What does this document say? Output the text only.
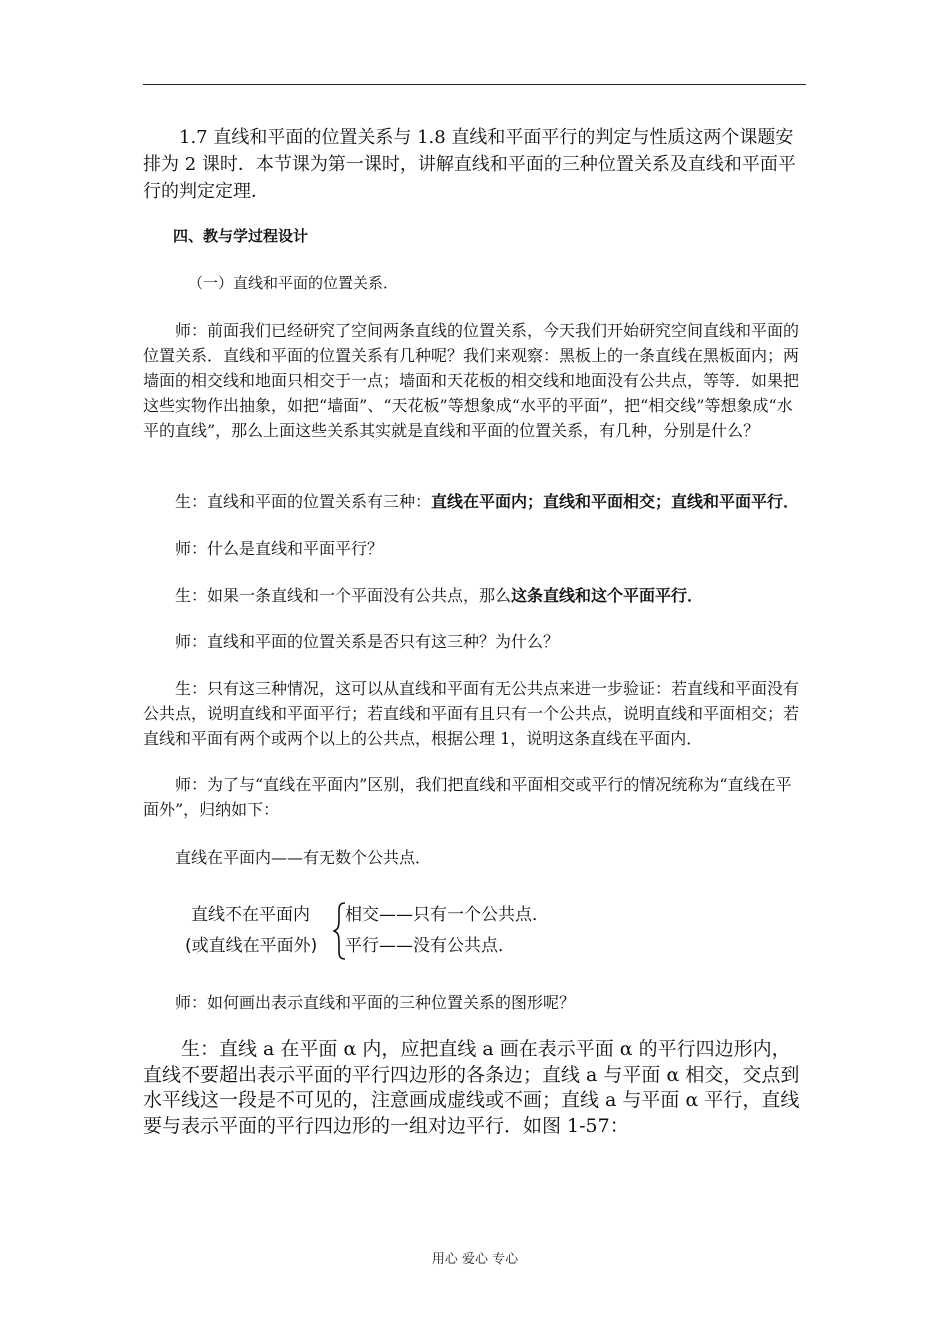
1.7 直线和平面的位置关系与 1.8 直线和平面平行的判定与性质这两个课题安排为 2 课时．本节课为第一课时，讲解直线和平面的三种位置关系及直线和平面平行的判定定理．

四、教与学过程设计

（一）直线和平面的位置关系．

师：前面我们已经研究了空间两条直线的位置关系，今天我们开始研究空间直线和平面的位置关系．直线和平面的位置关系有几种呢？我们来观察：黑板上的一条直线在黑板面内；两墙面的相交线和地面只相交于一点；墙面和天花板的相交线和地面没有公共点，等等．如果把这些实物作出抽象，如把“墙面”、“天花板”等想象成“水平的平面”，把“相交线”等想象成“水平的直线”，那么上面这些关系其实就是直线和平面的位置关系，有几种，分别是什么？

生：直线和平面的位置关系有三种：直线在平面内；直线和平面相交；直线和平面平行．

师：什么是直线和平面平行？

生：如果一条直线和一个平面没有公共点，那么这条直线和这个平面平行．

师：直线和平面的位置关系是否只有这三种？为什么？

生：只有这三种情况，这可以从直线和平面有无公共点来进一步验证：若直线和平面没有公共点，说明直线和平面平行；若直线和平面有且只有一个公共点，说明直线和平面相交；若直线和平面有两个或两个以上的公共点，根据公理 1，说明这条直线在平面内．

师：为了与“直线在平面内”区别，我们把直线和平面相交或平行的情况统称为“直线在平面外”，归纳如下：

直线在平面内——有无数个公共点．

直线不在平面内
(或直线在平面外)
相交——只有一个公共点．
平行——没有公共点．

师：如何画出表示直线和平面的三种位置关系的图形呢？

生：直线 a 在平面 α 内，应把直线 a 画在表示平面 α 的平行四边形内，直线不要超出表示平面的平行四边形的各条边；直线 a 与平面 α 相交，交点到水平线这一段是不可见的，注意画成虚线或不画；直线 a 与平面 α 平行，直线要与表示平面的平行四边形的一组对边平行．如图 1-57：

用心 爱心 专心
